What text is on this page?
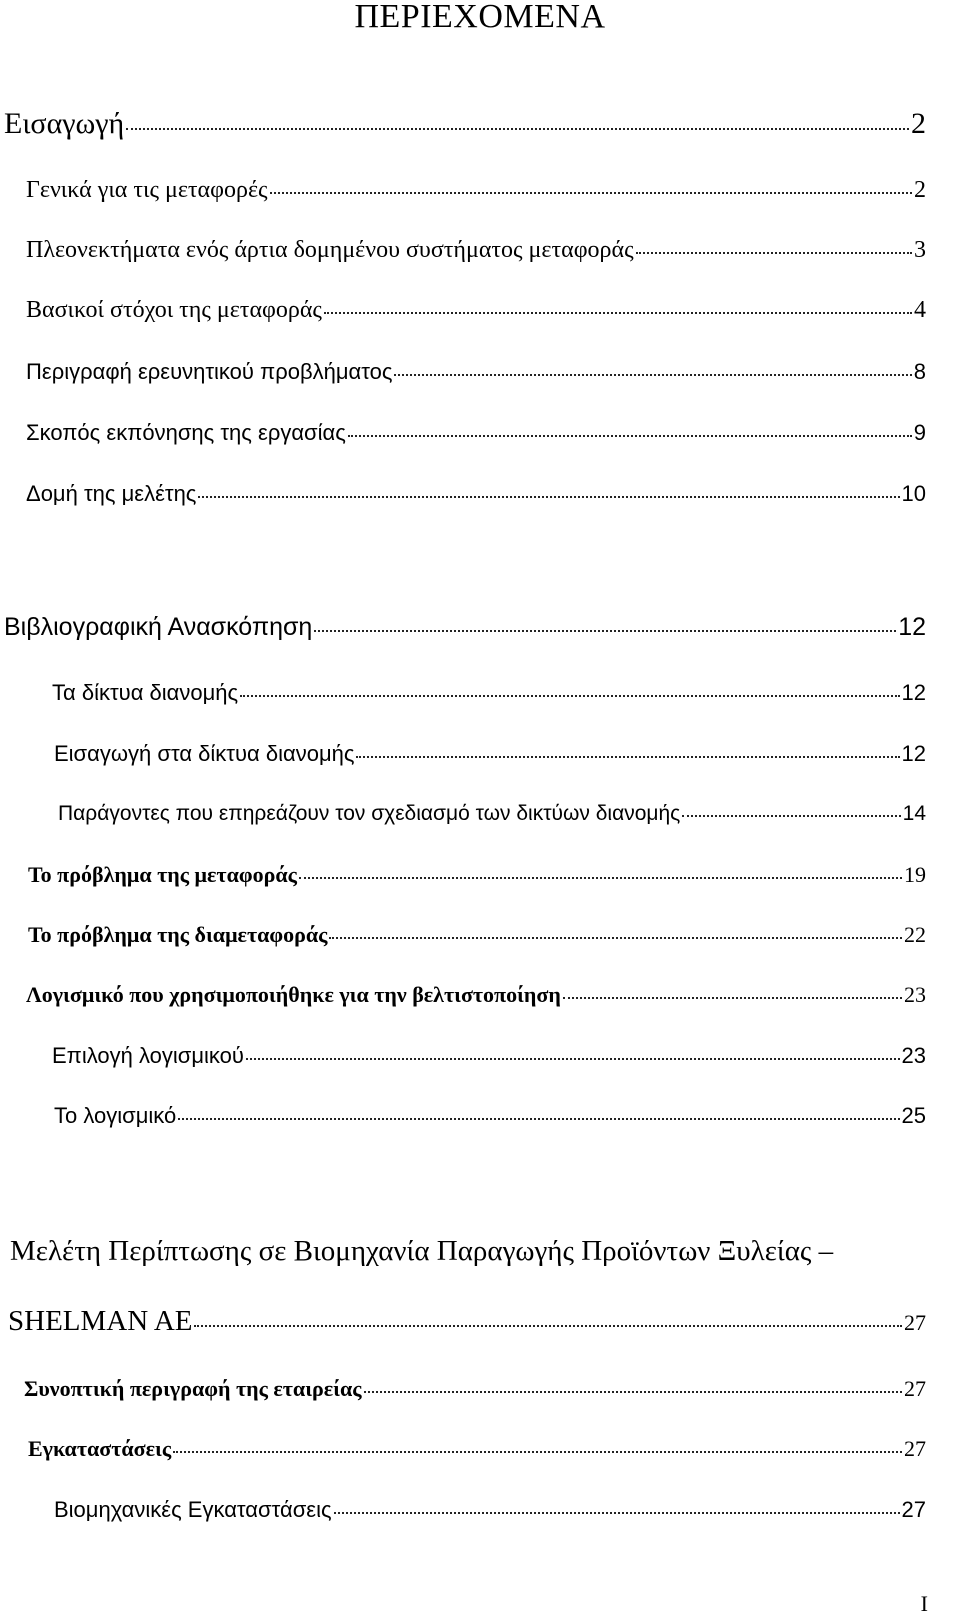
ΠΕΡΙΕΧΟΜΕΝΑ
Εισαγωγή	2
Γενικά για τις μεταφορές	2
Πλεονεκτήματα ενός άρτια δομημένου συστήματος μεταφοράς	3
Βασικοί στόχοι της μεταφοράς	4
Περιγραφή ερευνητικού προβλήματος	8
Σκοπός εκπόνησης της εργασίας	9
Δομή της μελέτης	10
Βιβλιογραφική Ανασκόπηση	12
Τα δίκτυα διανομής	12
Εισαγωγή στα δίκτυα διανομής	12
Παράγοντες που επηρεάζουν τον σχεδιασμό των δικτύων διανομής	14
Το πρόβλημα της μεταφοράς	19
Το πρόβλημα της διαμεταφοράς	22
Λογισμικό που χρησιμοποιήθηκε για την βελτιστοποίηση	23
Επιλογή λογισμικού	23
Το λογισμικό	25
Μελέτη Περίπτωσης σε Βιομηχανία Παραγωγής Προϊόντων Ξυλείας –
SHELMAN AE	27
Συνοπτική περιγραφή της εταιρείας	27
Εγκαταστάσεις	27
Βιομηχανικές Εγκαταστάσεις	27
I
